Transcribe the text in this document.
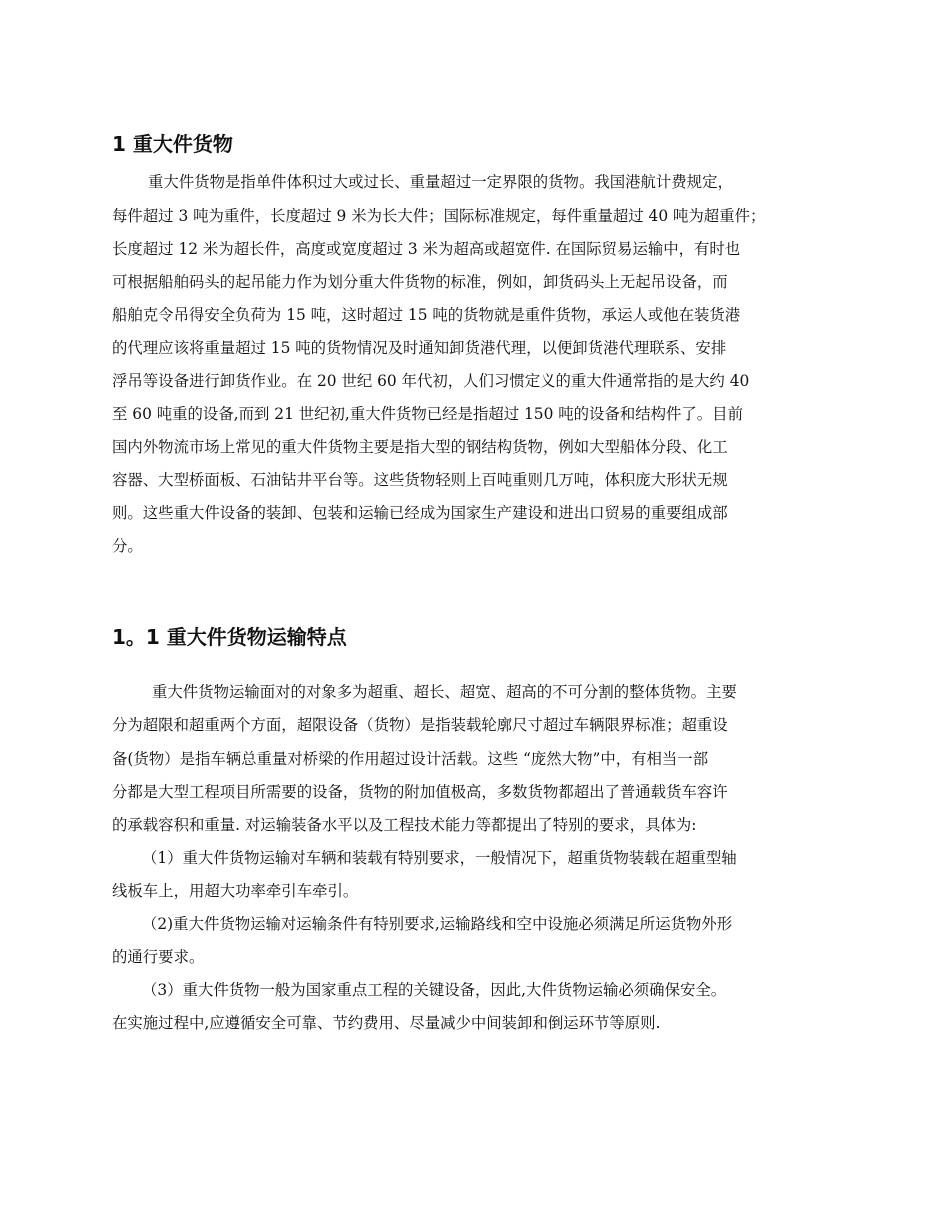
1 重大件货物
重大件货物是指单件体积过大或过长、重量超过一定界限的货物。我国港航计费规定，
每件超过 3 吨为重件，长度超过 9 米为长大件；国际标准规定，每件重量超过 40 吨为超重件；
长度超过 12 米为超长件，高度或宽度超过 3 米为超高或超宽件. 在国际贸易运输中，有时也
可根据船舶码头的起吊能力作为划分重大件货物的标准，例如，卸货码头上无起吊设备，而
船舶克令吊得安全负荷为 15 吨，这时超过 15 吨的货物就是重件货物，承运人或他在装货港
的代理应该将重量超过 15 吨的货物情况及时通知卸货港代理，以便卸货港代理联系、安排
浮吊等设备进行卸货作业。在 20 世纪 60 年代初，人们习惯定义的重大件通常指的是大约 40
至 60 吨重的设备,而到 21 世纪初,重大件货物已经是指超过 150 吨的设备和结构件了。目前
国内外物流市场上常见的重大件货物主要是指大型的钢结构货物，例如大型船体分段、化工
容器、大型桥面板、石油钻井平台等。这些货物轻则上百吨重则几万吨，体积庞大形状无规
则。这些重大件设备的装卸、包装和运输已经成为国家生产建设和进出口贸易的重要组成部
分。
1。1 重大件货物运输特点
重大件货物运输面对的对象多为超重、超长、超宽、超高的不可分割的整体货物。主要
分为超限和超重两个方面，超限设备（货物）是指装载轮廓尺寸超过车辆限界标准；超重设
备(货物）是指车辆总重量对桥梁的作用超过设计活载。这些 “庞然大物”中，有相当一部
分都是大型工程项目所需要的设备，货物的附加值极高，多数货物都超出了普通载货车容许
的承载容积和重量. 对运输装备水平以及工程技术能力等都提出了特别的要求，具体为:
（1）重大件货物运输对车辆和装载有特别要求，一般情况下，超重货物装载在超重型轴
线板车上，用超大功率牵引车牵引。
（2)重大件货物运输对运输条件有特别要求,运输路线和空中设施必须满足所运货物外形
的通行要求。
（3）重大件货物一般为国家重点工程的关键设备，因此,大件货物运输必须确保安全。
在实施过程中,应遵循安全可靠、节约费用、尽量减少中间装卸和倒运环节等原则.
